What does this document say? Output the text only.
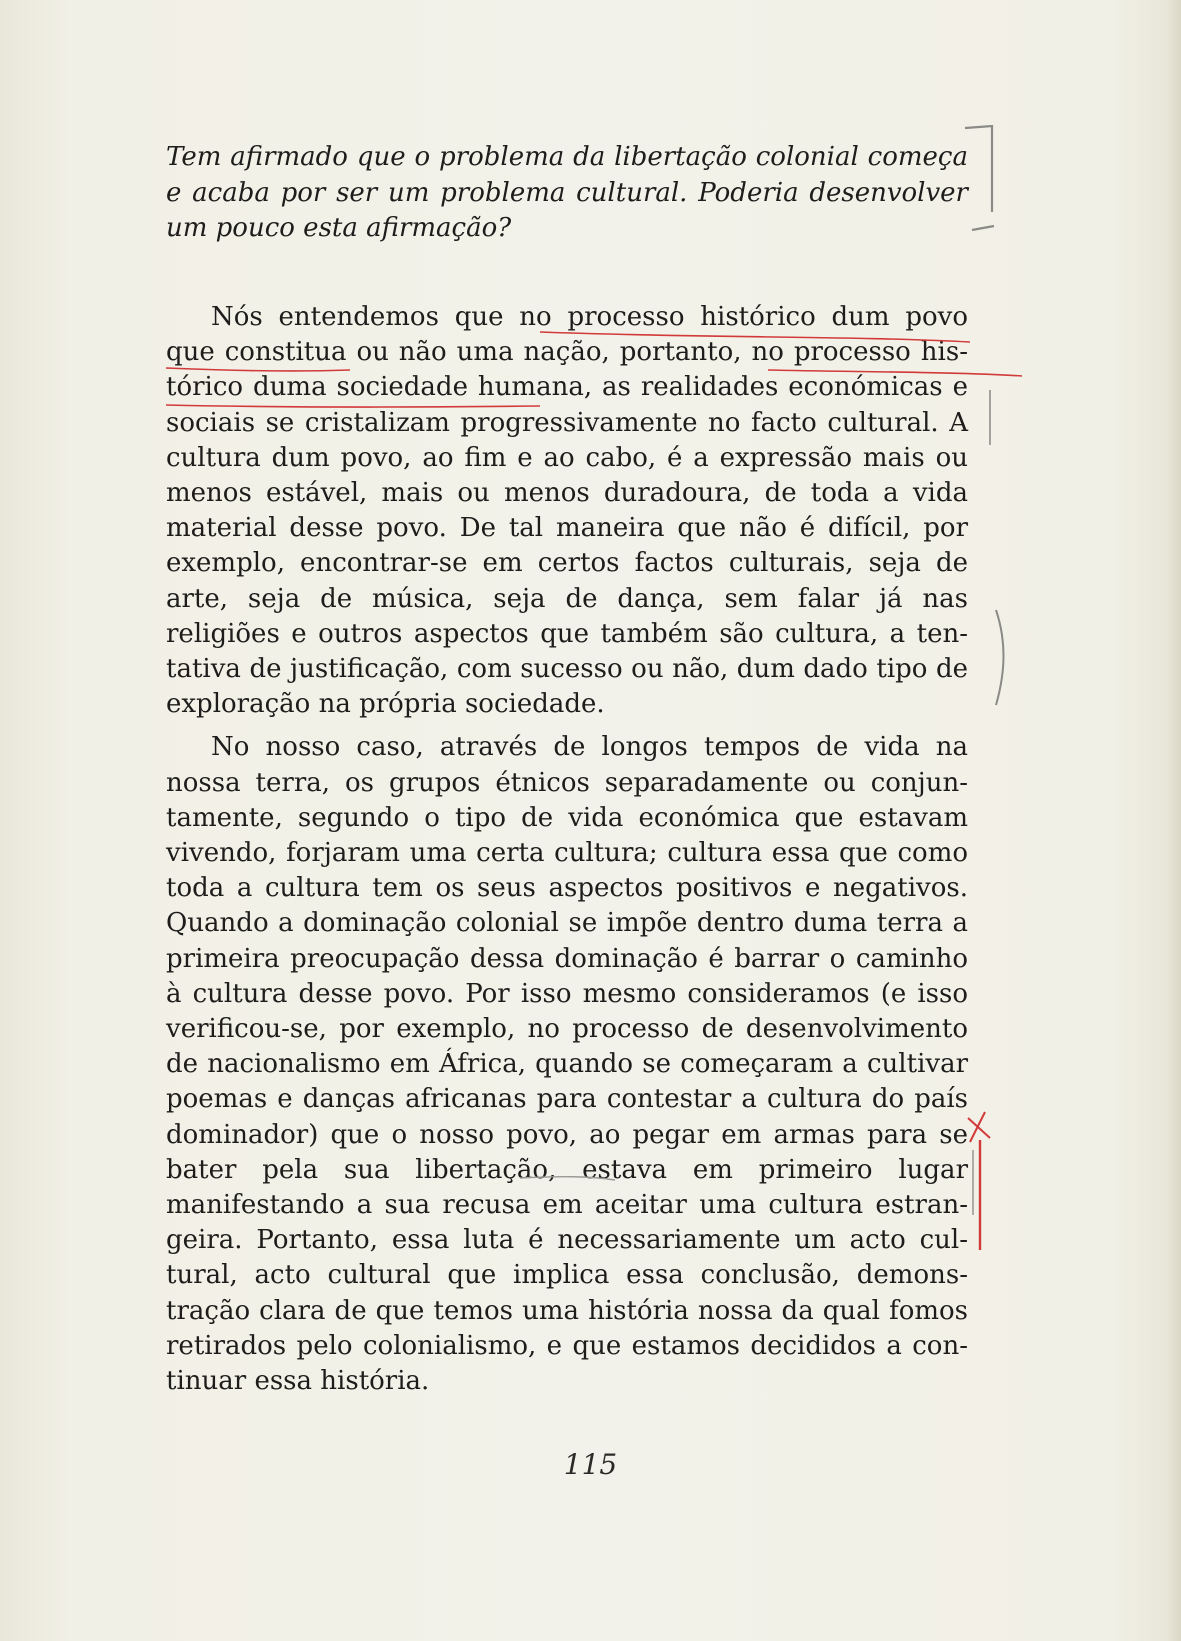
Tem afirmado que o problema da libertação colonial começa e acaba por ser um problema cultural. Poderia desenvolver um pouco esta afirmação?

Nós entendemos que no processo histórico dum povo que constitua ou não uma nação, portanto, no processo histórico duma sociedade humana, as realidades económicas e sociais se cristalizam progressivamente no facto cultural. A cultura dum povo, ao fim e ao cabo, é a expressão mais ou menos estável, mais ou menos duradoura, de toda a vida material desse povo. De tal maneira que não é difícil, por exemplo, encontrar-se em certos factos culturais, seja de arte, seja de música, seja de dança, sem falar já nas religiões e outros aspectos que também são cultura, a tentativa de justificação, com sucesso ou não, dum dado tipo de exploração na própria sociedade.

No nosso caso, através de longos tempos de vida na nossa terra, os grupos étnicos separadamente ou conjuntamente, segundo o tipo de vida económica que estavam vivendo, forjaram uma certa cultura; cultura essa que como toda a cultura tem os seus aspectos positivos e negativos. Quando a dominação colonial se impõe dentro duma terra a primeira preocupação dessa dominação é barrar o caminho à cultura desse povo. Por isso mesmo consideramos (e isso verificou-se, por exemplo, no processo de desenvolvimento de nacionalismo em África, quando se começaram a cultivar poemas e danças africanas para contestar a cultura do país dominador) que o nosso povo, ao pegar em armas para se bater pela sua libertação, estava em primeiro lugar manifestando a sua recusa em aceitar uma cultura estrangeira. Portanto, essa luta é necessariamente um acto cultural, acto cultural que implica essa conclusão, demonstração clara de que temos uma história nossa da qual fomos retirados pelo colonialismo, e que estamos decididos a continuar essa história.

115
